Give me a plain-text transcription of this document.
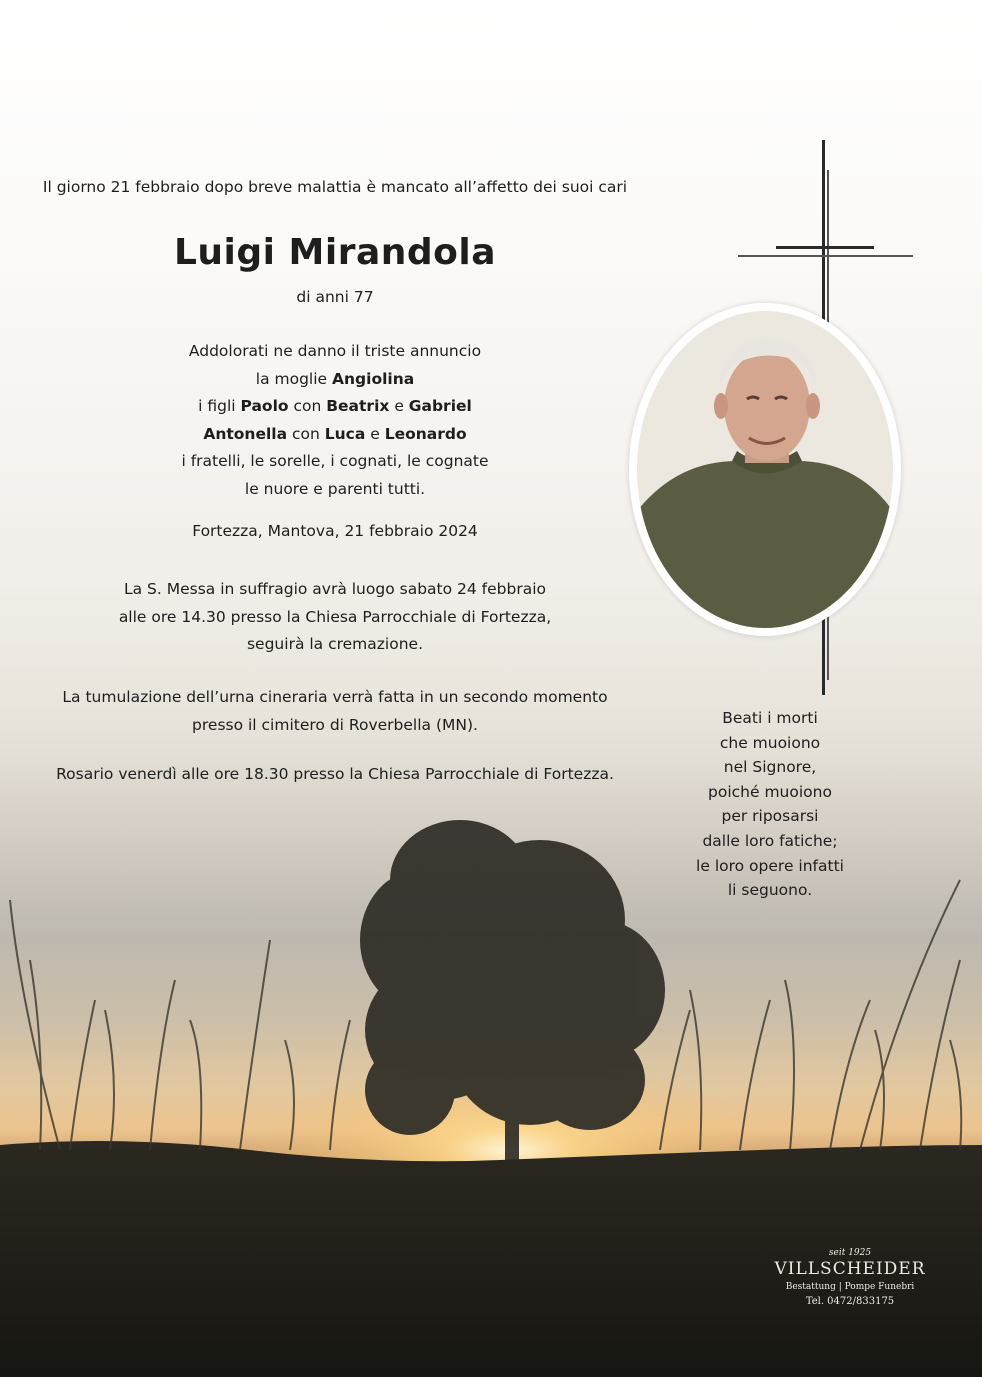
Il giorno 21 febbraio dopo breve malattia è mancato all’affetto dei suoi cari
Luigi Mirandola
di anni 77
Addolorati ne danno il triste annuncio
la moglie Angiolina
i figli Paolo con Beatrix e Gabriel
Antonella con Luca e Leonardo
i fratelli, le sorelle, i cognati, le cognate
le nuore e parenti tutti.
Fortezza, Mantova, 21 febbraio 2024
La S. Messa in suffragio avrà luogo sabato 24 febbraio
alle ore 14.30 presso la Chiesa Parrocchiale di Fortezza,
seguirà la cremazione.
La tumulazione dell’urna cineraria verrà fatta in un secondo momento
presso il cimitero di Roverbella (MN).
Rosario venerdì alle ore 18.30 presso la Chiesa Parrocchiale di Fortezza.
Beati i morti
che muoiono
nel Signore,
poiché muoiono
per riposarsi
dalle loro fatiche;
le loro opere infatti
li seguono.
seit 1925
VILLSCHEIDER
Bestattung | Pompe Funebri
Tel. 0472/833175
